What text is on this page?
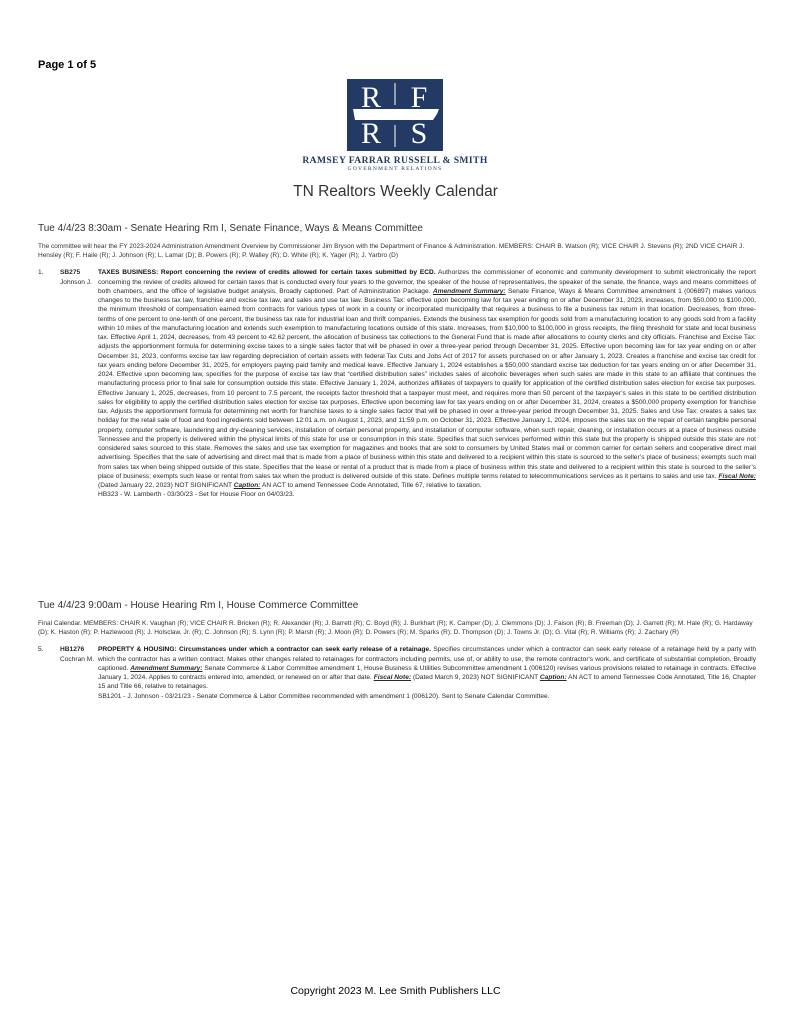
Page 1 of 5
R F
R S
RAMSEY FARRAR RUSSELL & SMITH
GOVERNMENT RELATIONS
TN Realtors Weekly Calendar
Tue 4/4/23 8:30am - Senate Hearing Rm I, Senate Finance, Ways & Means Committee
The committee will hear the FY 2023-2024 Administration Amendment Overview by Commissioner Jim Bryson with the Department of Finance & Administration. MEMBERS: CHAIR B. Watson (R); VICE CHAIR J. Stevens (R); 2ND VICE CHAIR J. Hensley (R); F. Haile (R); J. Johnson (R); L. Lamar (D); B. Powers (R); P. Walley (R); D. White (R); K. Yager (R); J. Yarbro (D)
1.	SB275
Johnson J.
TAXES BUSINESS: Report concerning the review of credits allowed for certain taxes submitted by ECD. Authorizes the commissioner of economic and community development to submit electronically the report concerning the review of credits allowed for certain taxes that is conducted every four years to the governor, the speaker of the house of representatives, the speaker of the senate, the finance, ways and means committees of both chambers, and the office of legislative budget analysis. Broadly captioned. Part of Administration Package. Amendment Summary: Senate Finance, Ways & Means Committee amendment 1 (006897) makes various changes to the business tax law, franchise and excise tax law, and sales and use tax law. Business Tax: effective upon becoming law for tax year ending on or after December 31, 2023, increases, from $50,000 to $100,000, the minimum threshold of compensation earned from contracts for various types of work in a county or incorporated municipality that requires a business to file a business tax return in that location. Decreases, from three-tenths of one percent to one-tenth of one percent, the business tax rate for industrial loan and thrift companies. Extends the business tax exemption for goods sold from a manufacturing location to any goods sold from a facility within 10 miles of the manufacturing location and extends such exemption to manufacturing locations outside of this state. Increases, from $10,000 to $100,000 in gross receipts, the filing threshold for state and local business tax. Effective April 1, 2024, decreases, from 43 percent to 42.62 percent, the allocation of business tax collections to the General Fund that is made after allocations to county clerks and city officials. Franchise and Excise Tax: adjusts the apportionment formula for determining excise taxes to a single sales factor that will be phased in over a three-year period through December 31, 2025. Effective upon becoming law for tax year ending on or after December 31, 2023, conforms excise tax law regarding depreciation of certain assets with federal Tax Cuts and Jobs Act of 2017 for assets purchased on or after January 1, 2023. Creates a franchise and excise tax credit for tax years ending before December 31, 2025, for employers paying paid family and medical leave. Effective January 1, 2024 establishes a $50,000 standard excise tax deduction for tax years ending on or after December 31, 2024. Effective upon becoming law, specifies for the purpose of excise tax law that “certified distribution sales” includes sales of alcoholic beverages when such sales are made in this state to an affiliate that continues the manufacturing process prior to final sale for consumption outside this state. Effective January 1, 2024, authorizes affiliates of taxpayers to qualify for application of the certified distribution sales election for excise tax purposes. Effective January 1, 2025, decreases, from 10 percent to 7.5 percent, the receipts factor threshold that a taxpayer must meet, and requires more than 50 percent of the taxpayer’s sales in this state to be certified distribution sales for eligibility to apply the certified distribution sales election for excise tax purposes. Effective upon becoming law for tax years ending on or after December 31, 2024, creates a $500,000 property exemption for franchise tax. Adjusts the apportionment formula for determining net worth for franchise taxes to a single sales factor that will be phased in over a three-year period through December 31, 2025. Sales and Use Tax: creates a sales tax holiday for the retail sale of food and food ingredients sold between 12:01 a.m. on August 1, 2023, and 11:59 p.m. on October 31, 2023. Effective January 1, 2024, imposes the sales tax on the repair of certain tangible personal property, computer software, laundering and dry-cleaning services, installation of certain personal property, and installation of computer software, when such repair, cleaning, or installation occurs at a place of business outside Tennessee and the property is delivered within the physical limits of this state for use or consumption in this state. Specifies that such services performed within this state but the property is shipped outside this state are not considered sales sourced to this state. Removes the sales and use tax exemption for magazines and books that are sold to consumers by United States mail or common carrier for certain sellers and cooperative direct mail advertising. Specifies that the sale of advertising and direct mail that is made from a place of business within this state and delivered to a recipient within this state is sourced to the seller’s place of business; exempts such mail from sales tax when being shipped outside of this state. Specifies that the lease or rental of a product that is made from a place of business within this state and delivered to a recipient within this state is sourced to the seller’s place of business; exempts such lease or rental from sales tax when the product is delivered outside of this state. Defines multiple terms related to telecommunications services as it pertains to sales and use tax. Fiscal Note: (Dated January 22, 2023) NOT SIGNIFICANT Caption: AN ACT to amend Tennessee Code Annotated, Title 67, relative to taxation.
HB323 - W. Lamberth - 03/30/23 - Set for House Floor on 04/03/23.
Tue 4/4/23 9:00am - House Hearing Rm I, House Commerce Committee
Final Calendar. MEMBERS: CHAIR K. Vaughan (R); VICE CHAIR R. Bricken (R); R. Alexander (R); J. Barrett (R); C. Boyd (R); J. Burkhart (R); K. Camper (D); J. Clemmons (D); J. Faison (R); B. Freeman (D); J. Garrett (R); M. Hale (R); G. Hardaway (D); K. Haston (R); P. Hazlewood (R); J. Holsclaw, Jr. (R); C. Johnson (R); S. Lynn (R); P. Marsh (R); J. Moon (R); D. Powers (R); M. Sparks (R); D. Thompson (D); J. Towns Jr. (D); G. Vital (R); R. Williams (R); J. Zachary (R)
5.	HB1276
Cochran M.
PROPERTY & HOUSING: Circumstances under which a contractor can seek early release of a retainage. Specifies circumstances under which a contractor can seek early release of a retainage held by a party with which the contractor has a written contract. Makes other changes related to retainages for contractors including permits, use of, or ability to use, the remote contractor's work, and certificate of substantial completion. Broadly captioned. Amendment Summary: Senate Commerce & Labor Committee amendment 1, House Business & Utilities Subcommittee amendment 1 (006120) revises various provisions related to retainage in contracts. Effective January 1, 2024. Applies to contracts entered into, amended, or renewed on or after that date. Fiscal Note: (Dated March 9, 2023) NOT SIGNIFICANT Caption: AN ACT to amend Tennessee Code Annotated, Title 16, Chapter 15 and Title 66, relative to retainages.
SB1201 - J. Johnson - 03/21/23 - Senate Commerce & Labor Committee recommended with amendment 1 (006120). Sent to Senate Calendar Committee.
Copyright 2023 M. Lee Smith Publishers LLC
